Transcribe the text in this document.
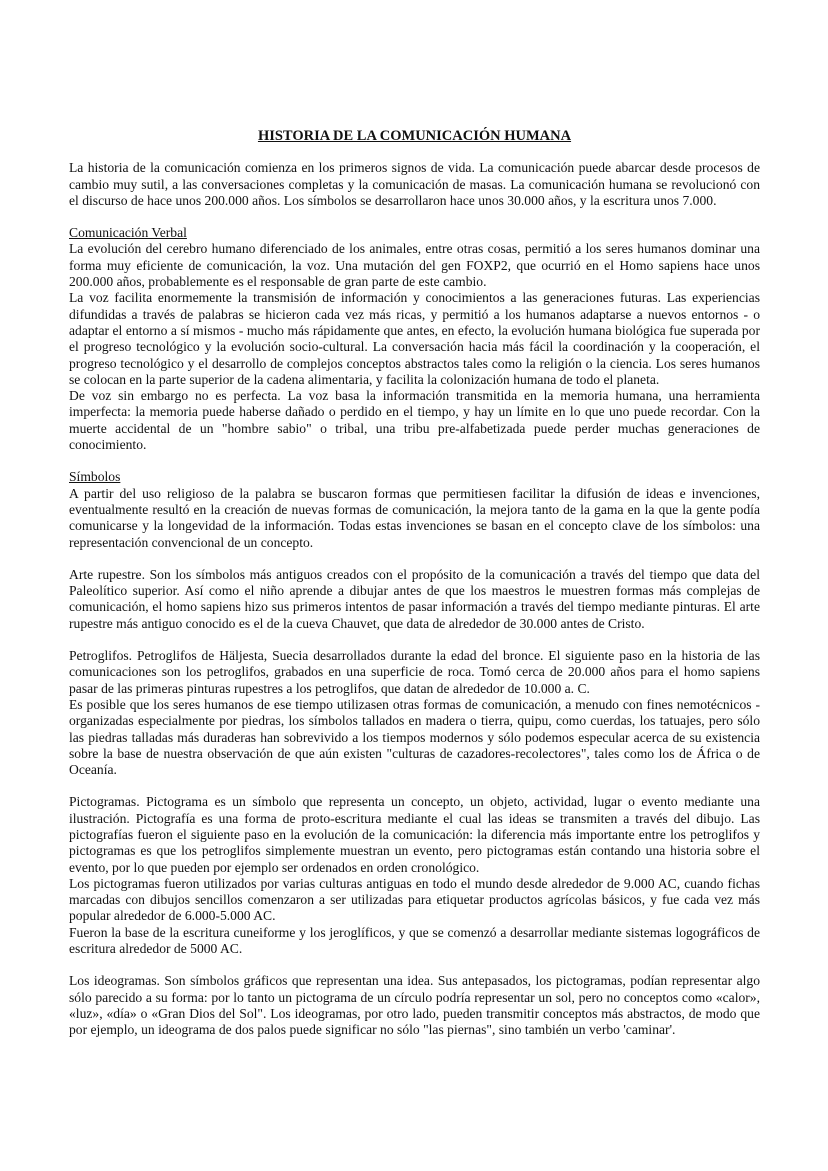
HISTORIA DE LA COMUNICACIÓN HUMANA

La historia de la comunicación comienza en los primeros signos de vida. La comunicación puede abarcar desde procesos de cambio muy sutil, a las conversaciones completas y la comunicación de masas. La comunicación humana se revolucionó con el discurso de hace unos 200.000 años. Los símbolos se desarrollaron hace unos 30.000 años, y la escritura unos 7.000.

Comunicación Verbal

La evolución del cerebro humano diferenciado de los animales, entre otras cosas, permitió a los seres humanos dominar una forma muy eficiente de comunicación, la voz. Una mutación del gen FOXP2, que ocurrió en el Homo sapiens hace unos 200.000 años, probablemente es el responsable de gran parte de este cambio.

La voz facilita enormemente la transmisión de información y conocimientos a las generaciones futuras. Las experiencias difundidas a través de palabras se hicieron cada vez más ricas, y permitió a los humanos adaptarse a nuevos entornos - o adaptar el entorno a sí mismos - mucho más rápidamente que antes, en efecto, la evolución humana biológica fue superada por el progreso tecnológico y la evolución socio-cultural. La conversación hacia más fácil la coordinación y la cooperación, el progreso tecnológico y el desarrollo de complejos conceptos abstractos tales como la religión o la ciencia. Los seres humanos se colocan en la parte superior de la cadena alimentaria, y facilita la colonización humana de todo el planeta.

De voz sin embargo no es perfecta. La voz basa la información transmitida en la memoria humana, una herramienta imperfecta: la memoria puede haberse dañado o perdido en el tiempo, y hay un límite en lo que uno puede recordar. Con la muerte accidental de un "hombre sabio" o tribal, una tribu pre-alfabetizada puede perder muchas generaciones de conocimiento.

Símbolos

A partir del uso religioso de la palabra se buscaron formas que permitiesen facilitar la difusión de ideas e invenciones, eventualmente resultó en la creación de nuevas formas de comunicación, la mejora tanto de la gama en la que la gente podía comunicarse y la longevidad de la información. Todas estas invenciones se basan en el concepto clave de los símbolos: una representación convencional de un concepto.

Arte rupestre. Son los símbolos más antiguos creados con el propósito de la comunicación a través del tiempo que data del Paleolítico superior. Así como el niño aprende a dibujar antes de que los maestros le muestren formas más complejas de comunicación, el homo sapiens hizo sus primeros intentos de pasar información a través del tiempo mediante pinturas. El arte rupestre más antiguo conocido es el de la cueva Chauvet, que data de alrededor de 30.000 antes de Cristo.

Petroglifos. Petroglifos de Häljesta, Suecia desarrollados durante la edad del bronce. El siguiente paso en la historia de las comunicaciones son los petroglifos, grabados en una superficie de roca. Tomó cerca de 20.000 años para el homo sapiens pasar de las primeras pinturas rupestres a los petroglifos, que datan de alrededor de 10.000 a. C.

Es posible que los seres humanos de ese tiempo utilizasen otras formas de comunicación, a menudo con fines nemotécnicos - organizadas especialmente por piedras, los símbolos tallados en madera o tierra, quipu, como cuerdas, los tatuajes, pero sólo las piedras talladas más duraderas han sobrevivido a los tiempos modernos y sólo podemos especular acerca de su existencia sobre la base de nuestra observación de que aún existen "culturas de cazadores-recolectores", tales como los de África o de Oceanía.

Pictogramas. Pictograma es un símbolo que representa un concepto, un objeto, actividad, lugar o evento mediante una ilustración. Pictografía es una forma de proto-escritura mediante el cual las ideas se transmiten a través del dibujo. Las pictografías fueron el siguiente paso en la evolución de la comunicación: la diferencia más importante entre los petroglifos y pictogramas es que los petroglifos simplemente muestran un evento, pero pictogramas están contando una historia sobre el evento, por lo que pueden por ejemplo ser ordenados en orden cronológico.

Los pictogramas fueron utilizados por varias culturas antiguas en todo el mundo desde alrededor de 9.000 AC, cuando fichas marcadas con dibujos sencillos comenzaron a ser utilizadas para etiquetar productos agrícolas básicos, y fue cada vez más popular alrededor de 6.000-5.000 AC.

Fueron la base de la escritura cuneiforme y los jeroglíficos, y que se comenzó a desarrollar mediante sistemas logográficos de escritura alrededor de 5000 AC.

Los ideogramas. Son símbolos gráficos que representan una idea. Sus antepasados, los pictogramas, podían representar algo sólo parecido a su forma: por lo tanto un pictograma de un círculo podría representar un sol, pero no conceptos como «calor», «luz», «día» o «Gran Dios del Sol". Los ideogramas, por otro lado, pueden transmitir conceptos más abstractos, de modo que por ejemplo, un ideograma de dos palos puede significar no sólo "las piernas", sino también un verbo 'caminar'.
